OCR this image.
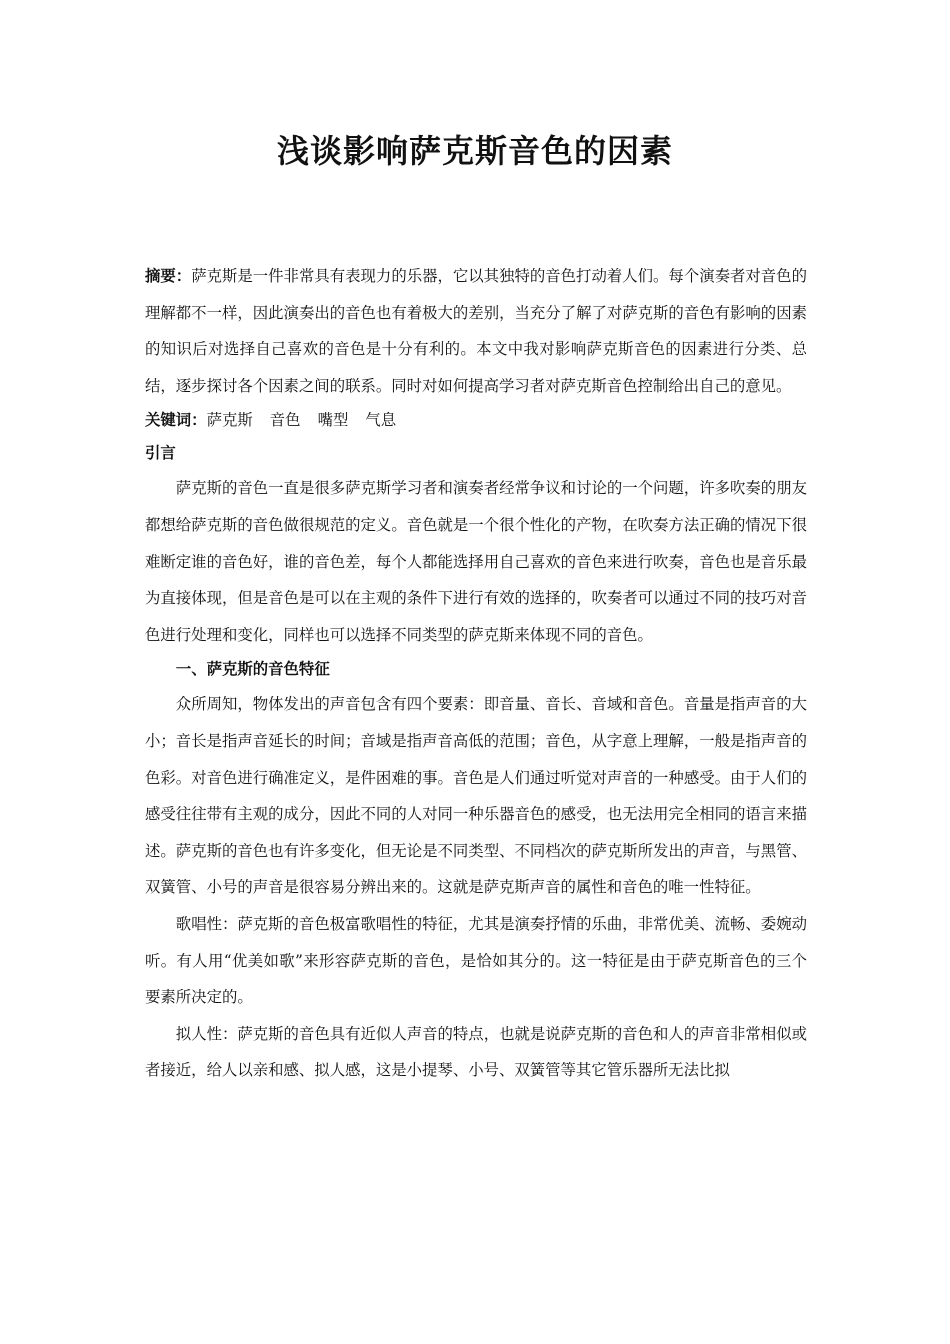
浅谈影响萨克斯音色的因素

摘要：萨克斯是一件非常具有表现力的乐器，它以其独特的音色打动着人们。每个演奏者对音色的理解都不一样，因此演奏出的音色也有着极大的差别，当充分了解了对萨克斯的音色有影响的因素的知识后对选择自己喜欢的音色是十分有利的。本文中我对影响萨克斯音色的因素进行分类、总结，逐步探讨各个因素之间的联系。同时对如何提高学习者对萨克斯音色控制给出自己的意见。

关键词：萨克斯 音色 嘴型 气息

引言

萨克斯的音色一直是很多萨克斯学习者和演奏者经常争议和讨论的一个问题，许多吹奏的朋友都想给萨克斯的音色做很规范的定义。音色就是一个很个性化的产物，在吹奏方法正确的情况下很难断定谁的音色好，谁的音色差，每个人都能选择用自己喜欢的音色来进行吹奏，音色也是音乐最为直接体现，但是音色是可以在主观的条件下进行有效的选择的，吹奏者可以通过不同的技巧对音色进行处理和变化，同样也可以选择不同类型的萨克斯来体现不同的音色。

一、萨克斯的音色特征

众所周知，物体发出的声音包含有四个要素：即音量、音长、音域和音色。音量是指声音的大小；音长是指声音延长的时间；音域是指声音高低的范围；音色，从字意上理解，一般是指声音的色彩。对音色进行确准定义，是件困难的事。音色是人们通过听觉对声音的一种感受。由于人们的感受往往带有主观的成分，因此不同的人对同一种乐器音色的感受，也无法用完全相同的语言来描述。萨克斯的音色也有许多变化，但无论是不同类型、不同档次的萨克斯所发出的声音，与黑管、双簧管、小号的声音是很容易分辨出来的。这就是萨克斯声音的属性和音色的唯一性特征。

歌唱性：萨克斯的音色极富歌唱性的特征，尤其是演奏抒情的乐曲，非常优美、流畅、委婉动听。有人用“优美如歌”来形容萨克斯的音色，是恰如其分的。这一特征是由于萨克斯音色的三个要素所决定的。

拟人性：萨克斯的音色具有近似人声音的特点，也就是说萨克斯的音色和人的声音非常相似或者接近，给人以亲和感、拟人感，这是小提琴、小号、双簧管等其它管乐器所无法比拟
